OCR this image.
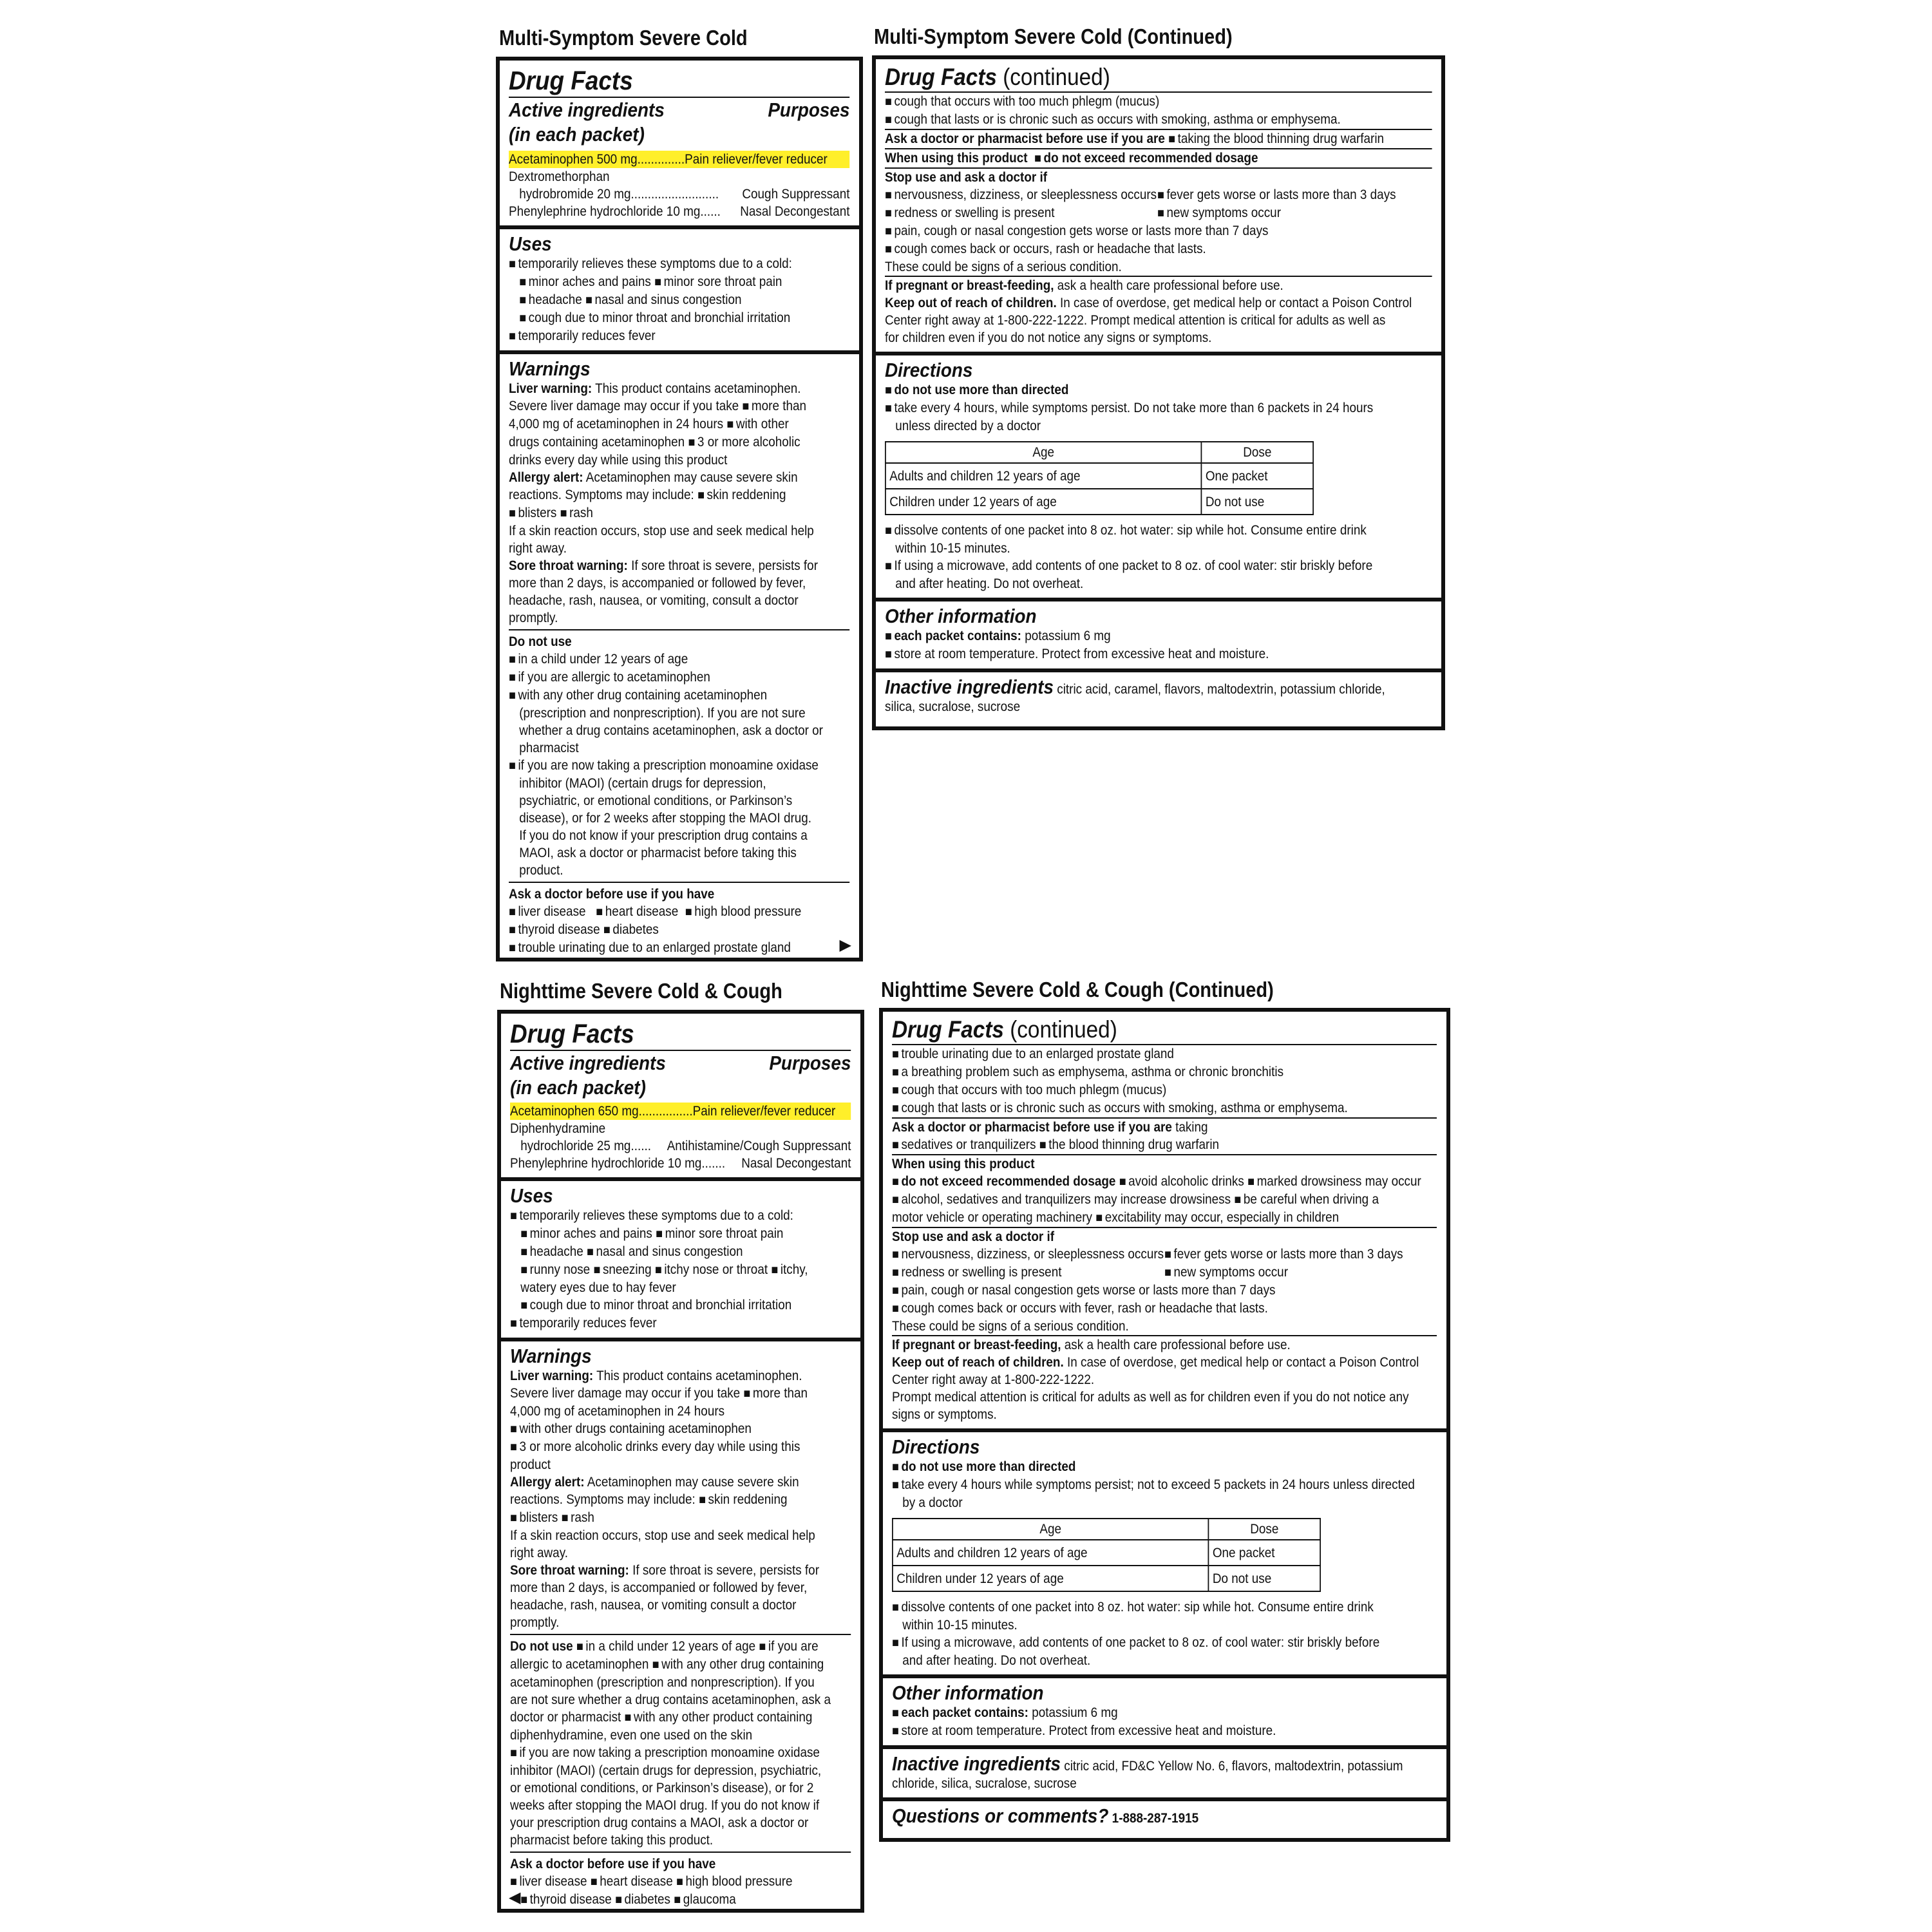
Multi-Symptom Severe Cold
Drug Facts
Active ingredients	Purposes
(in each packet)
Acetaminophen 500 mg..............Pain reliever/fever reducer
Dextromethorphan
hydrobromide 20 mg.......................... Cough Suppressant
Phenylephrine hydrochloride 10 mg...... Nasal Decongestant
Uses
■ temporarily relieves these symptoms due to a cold:
■ minor aches and pains ■ minor sore throat pain
■ headache ■ nasal and sinus congestion
■ cough due to minor throat and bronchial irritation
■ temporarily reduces fever
Warnings
Liver warning: This product contains acetaminophen.
Severe liver damage may occur if you take ■ more than
4,000 mg of acetaminophen in 24 hours ■ with other
drugs containing acetaminophen ■ 3 or more alcoholic
drinks every day while using this product
Allergy alert: Acetaminophen may cause severe skin
reactions. Symptoms may include: ■ skin reddening
■ blisters ■ rash
If a skin reaction occurs, stop use and seek medical help
right away.
Sore throat warning: If sore throat is severe, persists for
more than 2 days, is accompanied or followed by fever,
headache, rash, nausea, or vomiting, consult a doctor
promptly.
Do not use
■ in a child under 12 years of age
■ if you are allergic to acetaminophen
■ with any other drug containing acetaminophen
(prescription and nonprescription). If you are not sure
whether a drug contains acetaminophen, ask a doctor or
pharmacist
■ if you are now taking a prescription monoamine oxidase
inhibitor (MAOI) (certain drugs for depression,
psychiatric, or emotional conditions, or Parkinson’s
disease), or for 2 weeks after stopping the MAOI drug.
If you do not know if your prescription drug contains a
MAOI, ask a doctor or pharmacist before taking this
product.
Ask a doctor before use if you have
■ liver disease ■ heart disease ■ high blood pressure
■ thyroid disease ■ diabetes
■ trouble urinating due to an enlarged prostate gland	▶
Multi-Symptom Severe Cold (Continued)
Drug Facts (continued)
■ cough that occurs with too much phlegm (mucus)
■ cough that lasts or is chronic such as occurs with smoking, asthma or emphysema.
Ask a doctor or pharmacist before use if you are ■ taking the blood thinning drug warfarin
When using this product ■ do not exceed recommended dosage
Stop use and ask a doctor if
■ nervousness, dizziness, or sleeplessness occurs ■ fever gets worse or lasts more than 3 days
■ redness or swelling is present	■ new symptoms occur
■ pain, cough or nasal congestion gets worse or lasts more than 7 days
■ cough comes back or occurs, rash or headache that lasts.
These could be signs of a serious condition.
If pregnant or breast-feeding, ask a health care professional before use.
Keep out of reach of children. In case of overdose, get medical help or contact a Poison Control
Center right away at 1-800-222-1222. Prompt medical attention is critical for adults as well as
for children even if you do not notice any signs or symptoms.
Directions
■ do not use more than directed
■ take every 4 hours, while symptoms persist. Do not take more than 6 packets in 24 hours
unless directed by a doctor
Age	Dose
Adults and children 12 years of age	One packet
Children under 12 years of age	Do not use
■ dissolve contents of one packet into 8 oz. hot water: sip while hot. Consume entire drink
within 10-15 minutes.
■ If using a microwave, add contents of one packet to 8 oz. of cool water: stir briskly before
and after heating. Do not overheat.
Other information
■ each packet contains: potassium 6 mg
■ store at room temperature. Protect from excessive heat and moisture.
Inactive ingredients citric acid, caramel, flavors, maltodextrin, potassium chloride,
silica, sucralose, sucrose
Nighttime Severe Cold & Cough
Drug Facts
Active ingredients	Purposes
(in each packet)
Acetaminophen 650 mg................Pain reliever/fever reducer
Diphenhydramine
hydrochloride 25 mg...... Antihistamine/Cough Suppressant
Phenylephrine hydrochloride 10 mg....... Nasal Decongestant
Uses
■ temporarily relieves these symptoms due to a cold:
■ minor aches and pains ■ minor sore throat pain
■ headache ■ nasal and sinus congestion
■ runny nose ■ sneezing ■ itchy nose or throat ■ itchy,
watery eyes due to hay fever
■ cough due to minor throat and bronchial irritation
■ temporarily reduces fever
Warnings
Liver warning: This product contains acetaminophen.
Severe liver damage may occur if you take ■ more than
4,000 mg of acetaminophen in 24 hours
■ with other drugs containing acetaminophen
■ 3 or more alcoholic drinks every day while using this
product
Allergy alert: Acetaminophen may cause severe skin
reactions. Symptoms may include: ■ skin reddening
■ blisters ■ rash
If a skin reaction occurs, stop use and seek medical help
right away.
Sore throat warning: If sore throat is severe, persists for
more than 2 days, is accompanied or followed by fever,
headache, rash, nausea, or vomiting consult a doctor
promptly.
Do not use ■ in a child under 12 years of age ■ if you are
allergic to acetaminophen ■ with any other drug containing
acetaminophen (prescription and nonprescription). If you
are not sure whether a drug contains acetaminophen, ask a
doctor or pharmacist ■ with any other product containing
diphenhydramine, even one used on the skin
■ if you are now taking a prescription monoamine oxidase
inhibitor (MAOI) (certain drugs for depression, psychiatric,
or emotional conditions, or Parkinson’s disease), or for 2
weeks after stopping the MAOI drug. If you do not know if
your prescription drug contains a MAOI, ask a doctor or
pharmacist before taking this product.
Ask a doctor before use if you have
■ liver disease ■ heart disease ■ high blood pressure
■ thyroid disease ■ diabetes ■ glaucoma
◀
Nighttime Severe Cold & Cough (Continued)
Drug Facts (continued)
■ trouble urinating due to an enlarged prostate gland
■ a breathing problem such as emphysema, asthma or chronic bronchitis
■ cough that occurs with too much phlegm (mucus)
■ cough that lasts or is chronic such as occurs with smoking, asthma or emphysema.
Ask a doctor or pharmacist before use if you are taking
■ sedatives or tranquilizers ■ the blood thinning drug warfarin
When using this product
■ do not exceed recommended dosage ■ avoid alcoholic drinks ■ marked drowsiness may occur
■ alcohol, sedatives and tranquilizers may increase drowsiness ■ be careful when driving a
motor vehicle or operating machinery ■ excitability may occur, especially in children
Stop use and ask a doctor if
■ nervousness, dizziness, or sleeplessness occurs ■ fever gets worse or lasts more than 3 days
■ redness or swelling is present	■ new symptoms occur
■ pain, cough or nasal congestion gets worse or lasts more than 7 days
■ cough comes back or occurs with fever, rash or headache that lasts.
These could be signs of a serious condition.
If pregnant or breast-feeding, ask a health care professional before use.
Keep out of reach of children. In case of overdose, get medical help or contact a Poison Control
Center right away at 1-800-222-1222.
Prompt medical attention is critical for adults as well as for children even if you do not notice any
signs or symptoms.
Directions
■ do not use more than directed
■ take every 4 hours while symptoms persist; not to exceed 5 packets in 24 hours unless directed
by a doctor
Age	Dose
Adults and children 12 years of age	One packet
Children under 12 years of age	Do not use
■ dissolve contents of one packet into 8 oz. hot water: sip while hot. Consume entire drink
within 10-15 minutes.
■ If using a microwave, add contents of one packet to 8 oz. of cool water: stir briskly before
and after heating. Do not overheat.
Other information
■ each packet contains: potassium 6 mg
■ store at room temperature. Protect from excessive heat and moisture.
Inactive ingredients citric acid, FD&C Yellow No. 6, flavors, maltodextrin, potassium
chloride, silica, sucralose, sucrose
Questions or comments? 1-888-287-1915
